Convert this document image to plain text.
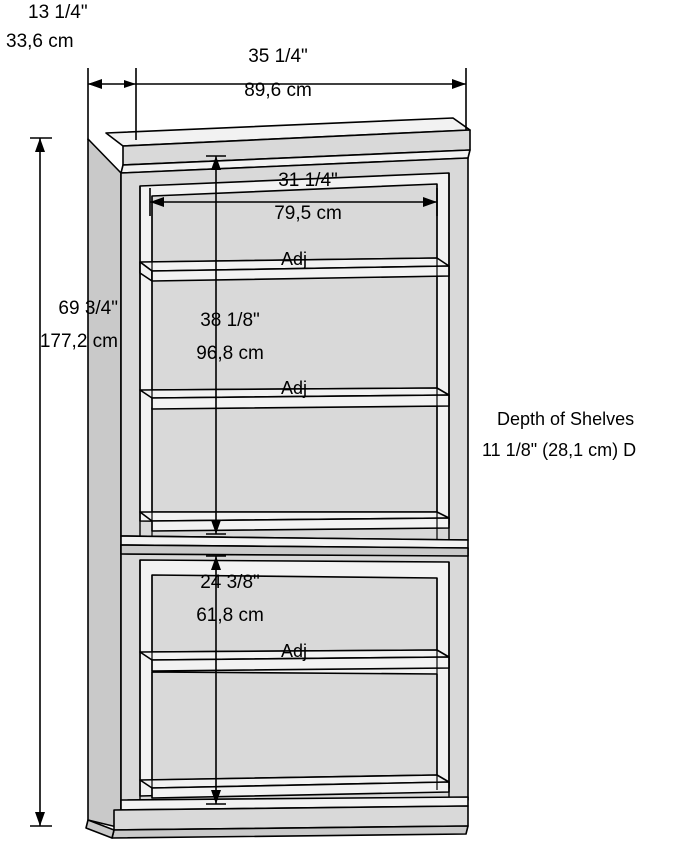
13 1/4"
33,6 cm
35 1/4"
89,6 cm
31 1/4"
79,5 cm
69 3/4"
177,2 cm
38 1/8"
96,8 cm
24 3/8"
61,8 cm
Adj
Adj
Adj
Depth of Shelves
11 1/8" (28,1 cm) D
